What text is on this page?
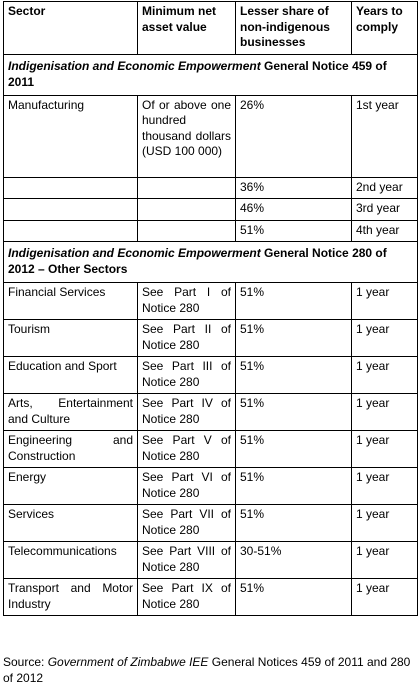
Sector	Minimum net asset value	Lesser share of non-indigenous businesses	Years to comply
Indigenisation and Economic Empowerment General Notice 459 of 2011			
Manufacturing	Of or above one hundred thousand dollars (USD 100 000)	26%	1st year
		36%	2nd year
		46%	3rd year
		51%	4th year
Indigenisation and Economic Empowerment General Notice 280 of 2012 – Other Sectors			
Financial Services	See Part I of Notice 280	51%	1 year
Tourism	See Part II of Notice 280	51%	1 year
Education and Sport	See Part III of Notice 280	51%	1 year
Arts, Entertainment and Culture	See Part IV of Notice 280	51%	1 year
Engineering and Construction	See Part V of Notice 280	51%	1 year
Energy	See Part VI of Notice 280	51%	1 year
Services	See Part VII of Notice 280	51%	1 year
Telecommunications	See Part VIII of Notice 280	30-51%	1 year
Transport and Motor Industry	See Part IX of Notice 280	51%	1 year
Source: Government of Zimbabwe IEE General Notices 459 of 2011 and 280 of 2012
